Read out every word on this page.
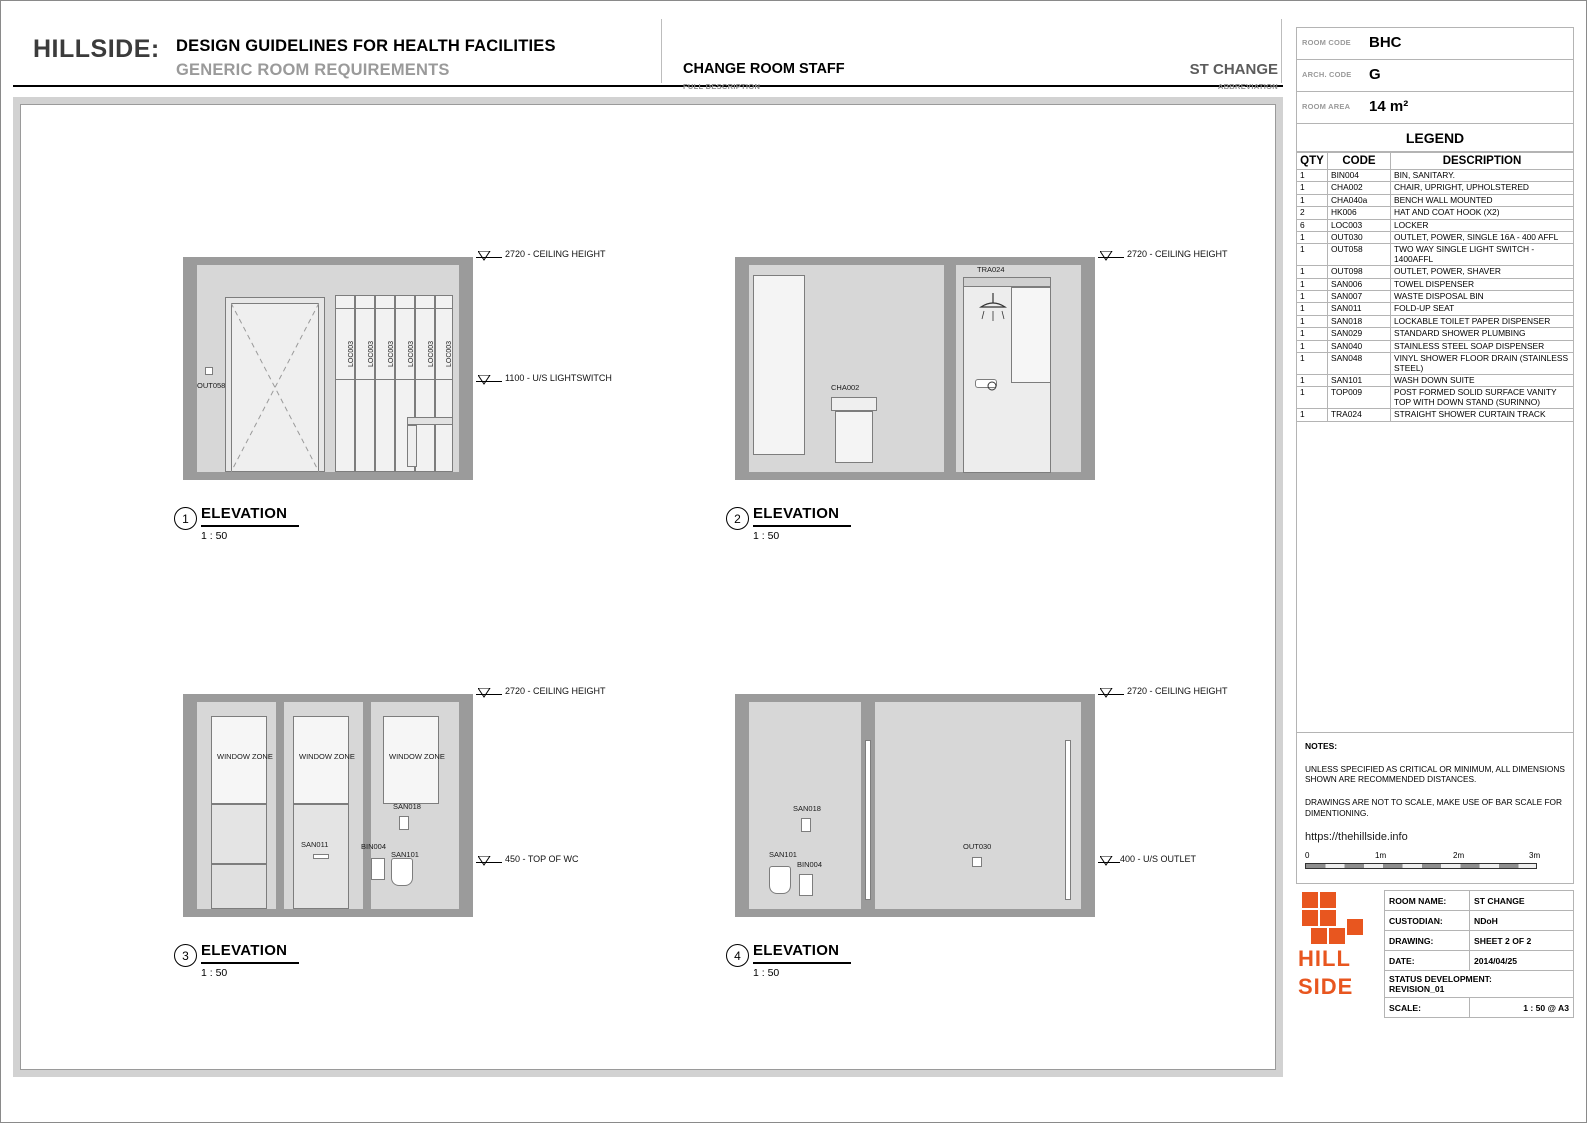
HILLSIDE: DESIGN GUIDELINES FOR HEALTH FACILITIES
GENERIC ROOM REQUIREMENTS	CHANGE ROOM STAFF
FULL DESCRIPTION
ST CHANGE
ABBREVIATION
LOC003 LOC003 LOC003 LOC003 LOC003 LOC003
OUT058
2720 - CEILING HEIGHT
1100 - U/S LIGHTSWITCH
1 ELEVATION
1 : 50
CHA002
TRA024
2720 - CEILING HEIGHT
2 ELEVATION
1 : 50
WINDOW ZONE	WINDOW ZONE	WINDOW ZONE
SAN018
SAN011	BIN004
SAN101
2720 - CEILING HEIGHT
450 - TOP OF WC
3 ELEVATION
1 : 50
SAN018
SAN101
BIN004
OUT030
2720 - CEILING HEIGHT
400 - U/S OUTLET
4 ELEVATION
1 : 50
ROOM CODE BHC
ARCH. CODE G
ROOM AREA 14 m²
LEGEND
QTY	CODE	DESCRIPTION
1	BIN004	BIN, SANITARY.
1	CHA002	CHAIR, UPRIGHT, UPHOLSTERED
1	CHA040a	BENCH WALL MOUNTED
2	HK006	HAT AND COAT HOOK (X2)
6	LOC003	LOCKER
1	OUT030	OUTLET, POWER, SINGLE 16A - 400 AFFL
1	OUT058	TWO WAY SINGLE LIGHT SWITCH - 1400AFFL
1	OUT098	OUTLET, POWER, SHAVER
1	SAN006	TOWEL DISPENSER
1	SAN007	WASTE DISPOSAL BIN
1	SAN011	FOLD-UP SEAT
1	SAN018	LOCKABLE TOILET PAPER DISPENSER
1	SAN029	STANDARD SHOWER PLUMBING
1	SAN040	STAINLESS STEEL SOAP DISPENSER
1	SAN048	VINYL SHOWER FLOOR DRAIN (STAINLESS STEEL)
1	SAN101	WASH DOWN SUITE
1	TOP009	POST FORMED SOLID SURFACE VANITY TOP WITH DOWN STAND (SURINNO)
1	TRA024	STRAIGHT SHOWER CURTAIN TRACK
NOTES:
UNLESS SPECIFIED AS CRITICAL OR MINIMUM, ALL DIMENSIONS SHOWN ARE RECOMMENDED DISTANCES.
DRAWINGS ARE NOT TO SCALE, MAKE USE OF BAR SCALE FOR DIMENTIONING.
https://thehillside.info
0	1m	2m	3m
HILL
SIDE
ROOM NAME:	ST CHANGE
CUSTODIAN:	NDoH
DRAWING:	SHEET 2 OF 2
DATE:	2014/04/25

STATUS DEVELOPMENT:
REVISION_01	

SCALE:	1 : 50 @ A3
